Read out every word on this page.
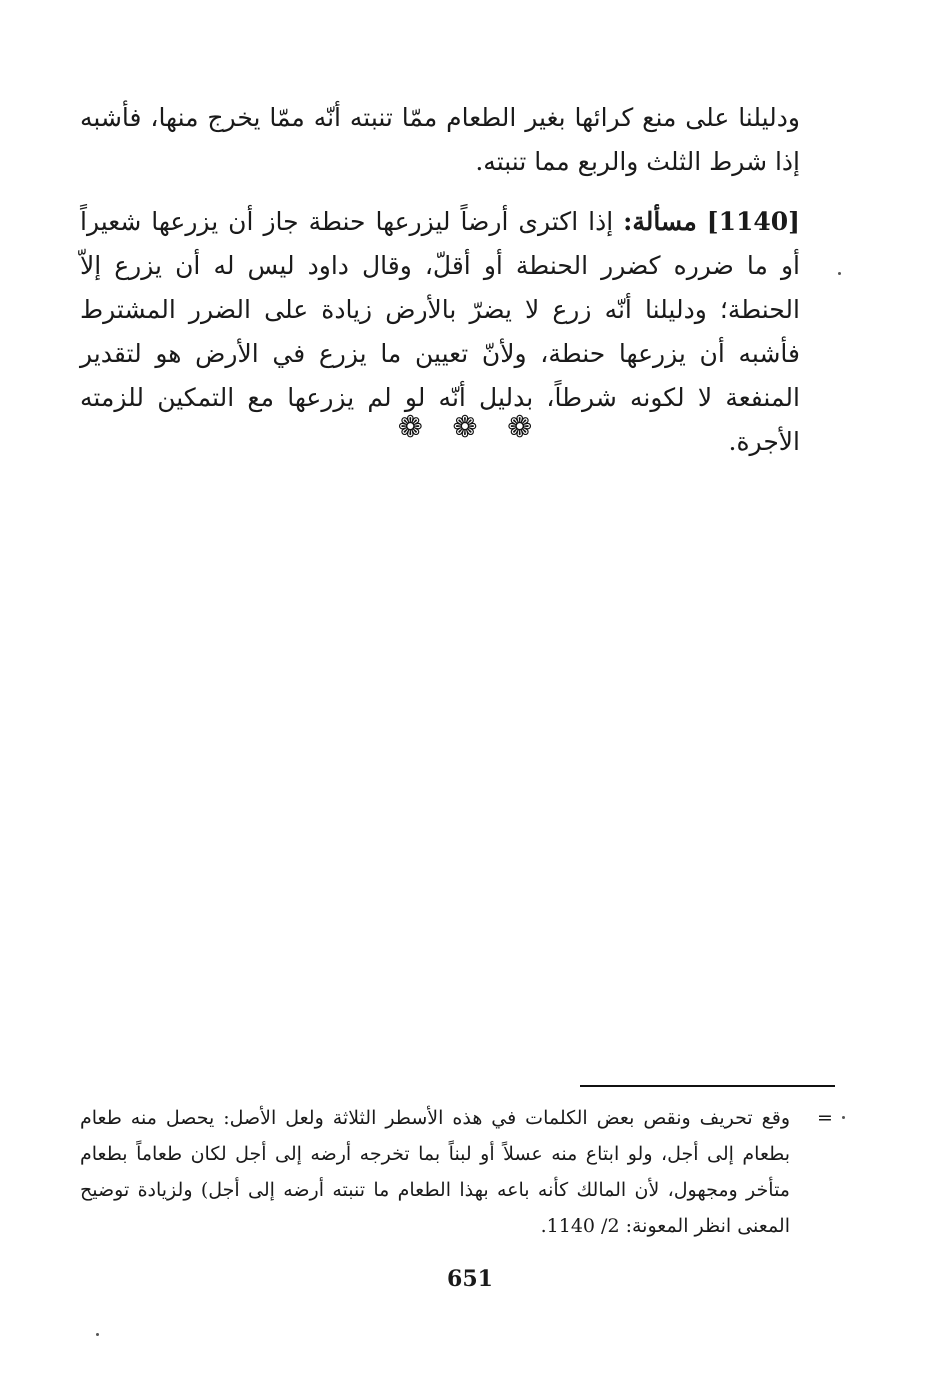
ودليلنا على منع كرائها بغير الطعام ممّا تنبته أنّه ممّا يخرج منها، فأشبه إذا شرط الثلث والربع مما تنبته.

[1140] مسألة: إذا اكترى أرضاً ليزرعها حنطة جاز أن يزرعها شعيراً أو ما ضرره كضرر الحنطة أو أقلّ، وقال داود ليس له أن يزرع إلاّ الحنطة؛ ودليلنا أنّه زرع لا يضرّ بالأرض زيادة على الضرر المشترط فأشبه أن يزرعها حنطة، ولأنّ تعيين ما يزرع في الأرض هو لتقدير المنفعة لا لكونه شرطاً، بدليل أنّه لو لم يزرعها مع التمكين للزمته الأجرة.

❁ ❁ ❁
=
وقع تحريف ونقص بعض الكلمات في هذه الأسطر الثلاثة ولعل الأصل: يحصل منه طعام بطعام إلى أجل، ولو ابتاع منه عسلاً أو لبناً بما تخرجه أرضه إلى أجل لكان طعاماً بطعام متأخر ومجهول، لأن المالك كأنه باعه بهذا الطعام ما تنبته أرضه إلى أجل) ولزيادة توضيح المعنى انظر المعونة: 2/ 1140.
651
